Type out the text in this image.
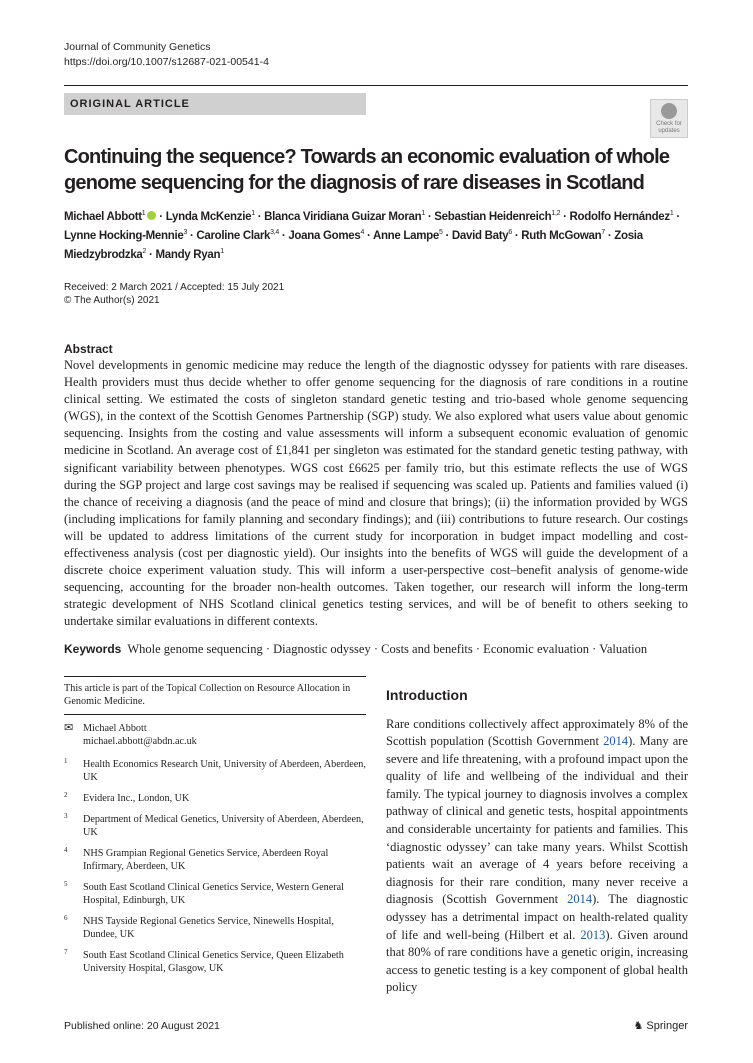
Journal of Community Genetics
https://doi.org/10.1007/s12687-021-00541-4
ORIGINAL ARTICLE
Check for updates
Continuing the sequence? Towards an economic evaluation of whole genome sequencing for the diagnosis of rare diseases in Scotland
Michael Abbott$^1$ · Lynda McKenzie$^1$ · Blanca Viridiana Guizar Moran$^1$ · Sebastian Heidenreich$^{1,2}$ · Rodolfo Hernández$^1$ · Lynne Hocking-Mennie$^3$ · Caroline Clark$^{3,4}$ · Joana Gomes$^4$ · Anne Lampe$^5$ · David Baty$^6$ · Ruth McGowan$^7$ · Zosia Miedzybrodzka$^2$ · Mandy Ryan$^1$
Received: 2 March 2021 / Accepted: 15 July 2021
© The Author(s) 2021
Abstract

Novel developments in genomic medicine may reduce the length of the diagnostic odyssey for patients with rare diseases. Health providers must thus decide whether to offer genome sequencing for the diagnosis of rare conditions in a routine clinical setting. We estimated the costs of singleton standard genetic testing and trio-based whole genome sequencing (WGS), in the context of the Scottish Genomes Partnership (SGP) study. We also explored what users value about genomic sequencing. Insights from the costing and value assessments will inform a subsequent economic evaluation of genomic medicine in Scotland. An average cost of £1,841 per singleton was estimated for the standard genetic testing pathway, with significant variability between phenotypes. WGS cost £6625 per family trio, but this estimate reflects the use of WGS during the SGP project and large cost savings may be realised if sequencing was scaled up. Patients and families valued (i) the chance of receiving a diagnosis (and the peace of mind and closure that brings); (ii) the information provided by WGS (including implications for family planning and secondary findings); and (iii) contributions to future research. Our costings will be updated to address limitations of the current study for incorporation in budget impact modelling and cost-effectiveness analysis (cost per diagnostic yield). Our insights into the benefits of WGS will guide the development of a discrete choice experiment valuation study. This will inform a user-perspective cost–benefit analysis of genome-wide sequencing, accounting for the broader non-health outcomes. Taken together, our research will inform the long-term strategic development of NHS Scotland clinical genetics testing services, and will be of benefit to others seeking to undertake similar evaluations in different contexts.

Keywords Whole genome sequencing · Diagnostic odyssey · Costs and benefits · Economic evaluation · Valuation
This article is part of the Topical Collection on Resource Allocation in Genomic Medicine.
✉ Michael Abbott
michael.abbott@abdn.ac.uk
1 Health Economics Research Unit, University of Aberdeen, Aberdeen, UK
2 Evidera Inc., London, UK
3 Department of Medical Genetics, University of Aberdeen, Aberdeen, UK
4 NHS Grampian Regional Genetics Service, Aberdeen Royal Infirmary, Aberdeen, UK
5 South East Scotland Clinical Genetics Service, Western General Hospital, Edinburgh, UK
6 NHS Tayside Regional Genetics Service, Ninewells Hospital, Dundee, UK
7 South East Scotland Clinical Genetics Service, Queen Elizabeth University Hospital, Glasgow, UK
Introduction

Rare conditions collectively affect approximately 8% of the Scottish population (Scottish Government 2014). Many are severe and life threatening, with a profound impact upon the quality of life and wellbeing of the individual and their family. The typical journey to diagnosis involves a complex pathway of clinical and genetic tests, hospital appointments and considerable uncertainty for patients and families. This ‘diagnostic odyssey’ can take many years. Whilst Scottish patients wait an average of 4 years before receiving a diagnosis for their rare condition, many never receive a diagnosis (Scottish Government 2014). The diagnostic odyssey has a detrimental impact on health-related quality of life and well-being (Hilbert et al. 2013). Given around that 80% of rare conditions have a genetic origin, increasing access to genetic testing is a key component of global health policy

Published online: 20 August 2021	♞ Springer
